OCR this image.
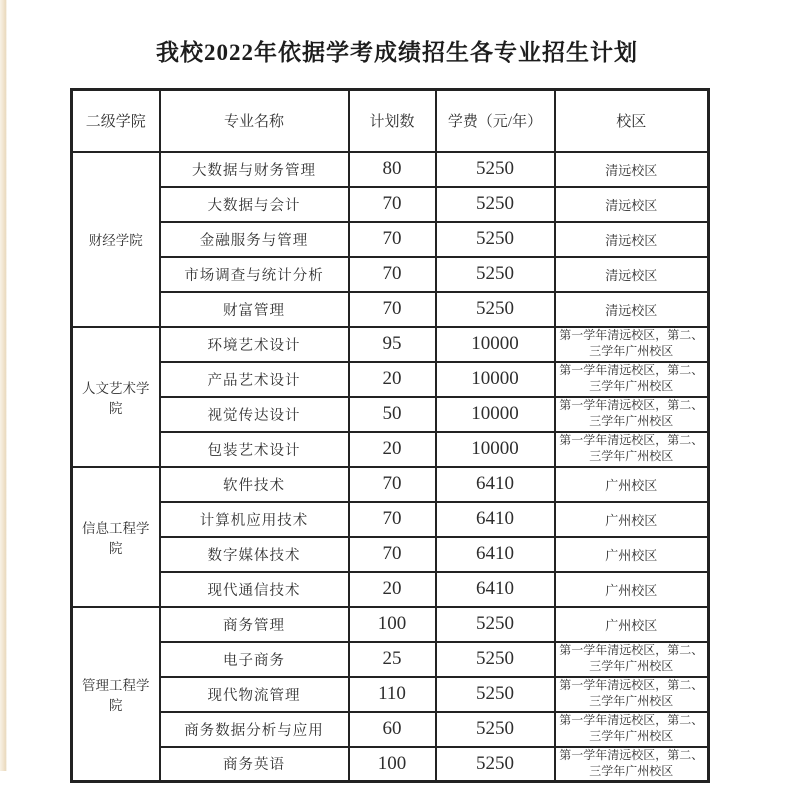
我校2022年依据学考成绩招生各专业招生计划
二级学院	专业名称	计划数	学费（元/年）	校区
财经学院	大数据与财务管理	80	5250	清远校区
	大数据与会计	70	5250	清远校区
	金融服务与管理	70	5250	清远校区
	市场调查与统计分析	70	5250	清远校区
	财富管理	70	5250	清远校区
人文艺术学院	环境艺术设计	95	10000	第一学年清远校区，第二、三学年广州校区
	产品艺术设计	20	10000	第一学年清远校区，第二、三学年广州校区
	视觉传达设计	50	10000	第一学年清远校区，第二、三学年广州校区
	包装艺术设计	20	10000	第一学年清远校区，第二、三学年广州校区
信息工程学院	软件技术	70	6410	广州校区
	计算机应用技术	70	6410	广州校区
	数字媒体技术	70	6410	广州校区
	现代通信技术	20	6410	广州校区
管理工程学院	商务管理	100	5250	广州校区
	电子商务	25	5250	第一学年清远校区，第二、三学年广州校区
	现代物流管理	110	5250	第一学年清远校区，第二、三学年广州校区
	商务数据分析与应用	60	5250	第一学年清远校区，第二、三学年广州校区
	商务英语	100	5250	第一学年清远校区，第二、三学年广州校区
